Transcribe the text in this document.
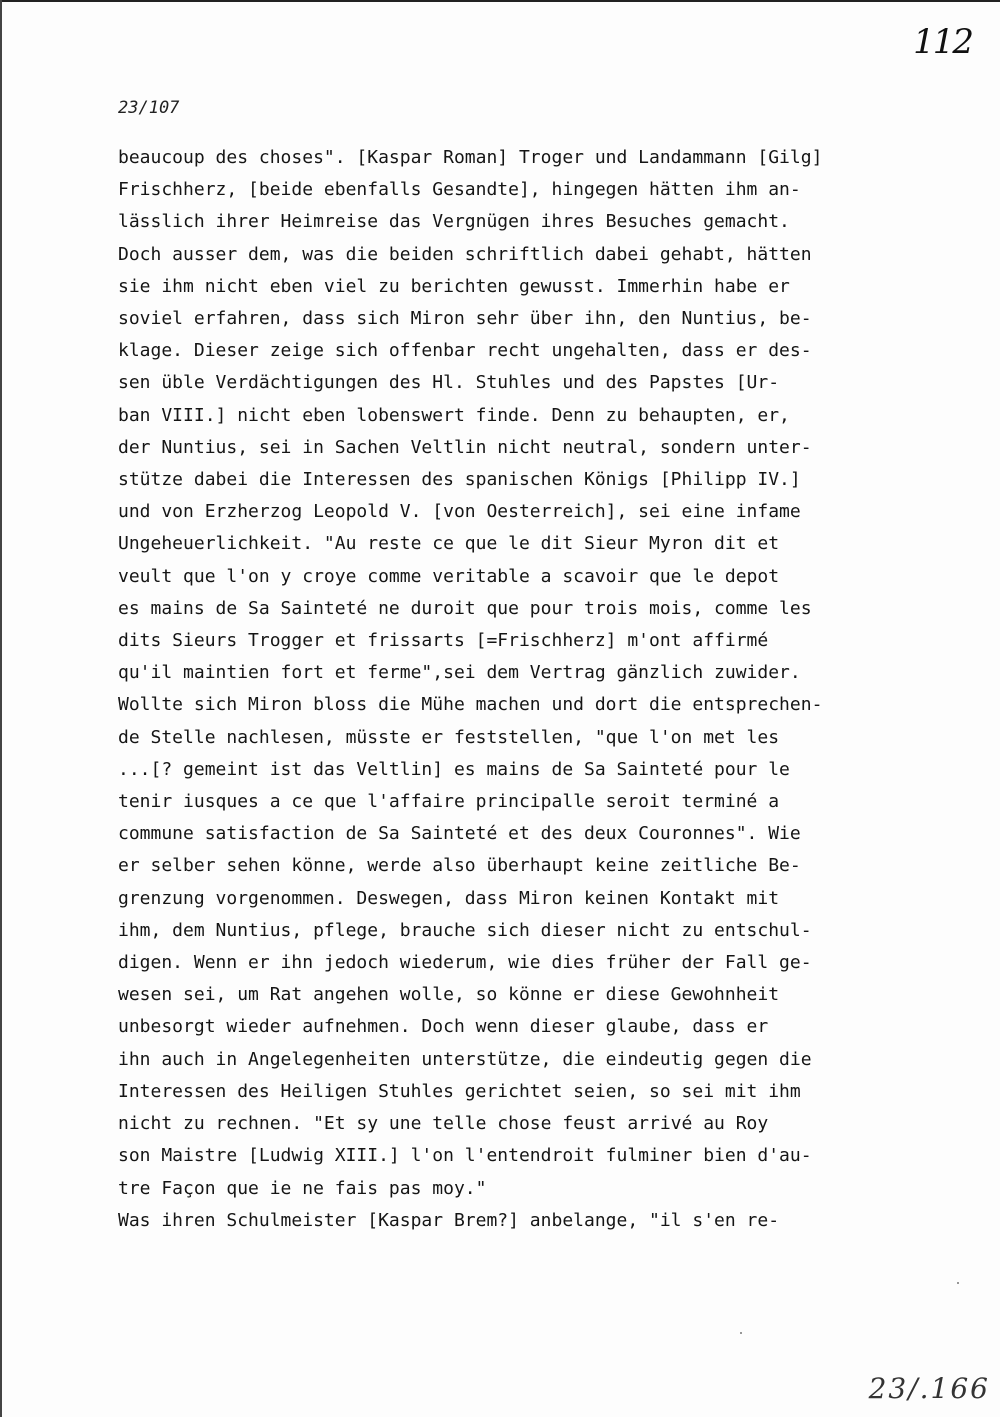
112
23/107
beaucoup des choses". [Kaspar Roman] Troger und Landammann [Gilg]
Frischherz, [beide ebenfalls Gesandte], hingegen hätten ihm an-
lässlich ihrer Heimreise das Vergnügen ihres Besuches gemacht.
Doch ausser dem, was die beiden schriftlich dabei gehabt, hätten
sie ihm nicht eben viel zu berichten gewusst. Immerhin habe er
soviel erfahren, dass sich Miron sehr über ihn, den Nuntius, be-
klage. Dieser zeige sich offenbar recht ungehalten, dass er des-
sen üble Verdächtigungen des Hl. Stuhles und des Papstes [Ur-
ban VIII.] nicht eben lobenswert finde. Denn zu behaupten, er,
der Nuntius, sei in Sachen Veltlin nicht neutral, sondern unter-
stütze dabei die Interessen des spanischen Königs [Philipp IV.]
und von Erzherzog Leopold V. [von Oesterreich], sei eine infame
Ungeheuerlichkeit. "Au reste ce que le dit Sieur Myron dit et
veult que l'on y croye comme veritable a scavoir que le depot
es mains de Sa Sainteté ne duroit que pour trois mois, comme les
dits Sieurs Trogger et frissarts [=Frischherz] m'ont affirmé
qu'il maintien fort et ferme",sei dem Vertrag gänzlich zuwider.
Wollte sich Miron bloss die Mühe machen und dort die entsprechen-
de Stelle nachlesen, müsste er feststellen, "que l'on met les
...[? gemeint ist das Veltlin] es mains de Sa Sainteté pour le
tenir iusques a ce que l'affaire principalle seroit terminé a
commune satisfaction de Sa Sainteté et des deux Couronnes". Wie
er selber sehen könne, werde also überhaupt keine zeitliche Be-
grenzung vorgenommen. Deswegen, dass Miron keinen Kontakt mit
ihm, dem Nuntius, pflege, brauche sich dieser nicht zu entschul-
digen. Wenn er ihn jedoch wiederum, wie dies früher der Fall ge-
wesen sei, um Rat angehen wolle, so könne er diese Gewohnheit
unbesorgt wieder aufnehmen. Doch wenn dieser glaube, dass er
ihn auch in Angelegenheiten unterstütze, die eindeutig gegen die
Interessen des Heiligen Stuhles gerichtet seien, so sei mit ihm
nicht zu rechnen. "Et sy une telle chose feust arrivé au Roy
son Maistre [Ludwig XIII.] l'on l'entendroit fulminer bien d'au-
tre Façon que ie ne fais pas moy."
Was ihren Schulmeister [Kaspar Brem?] anbelange, "il s'en re-
23/.166
